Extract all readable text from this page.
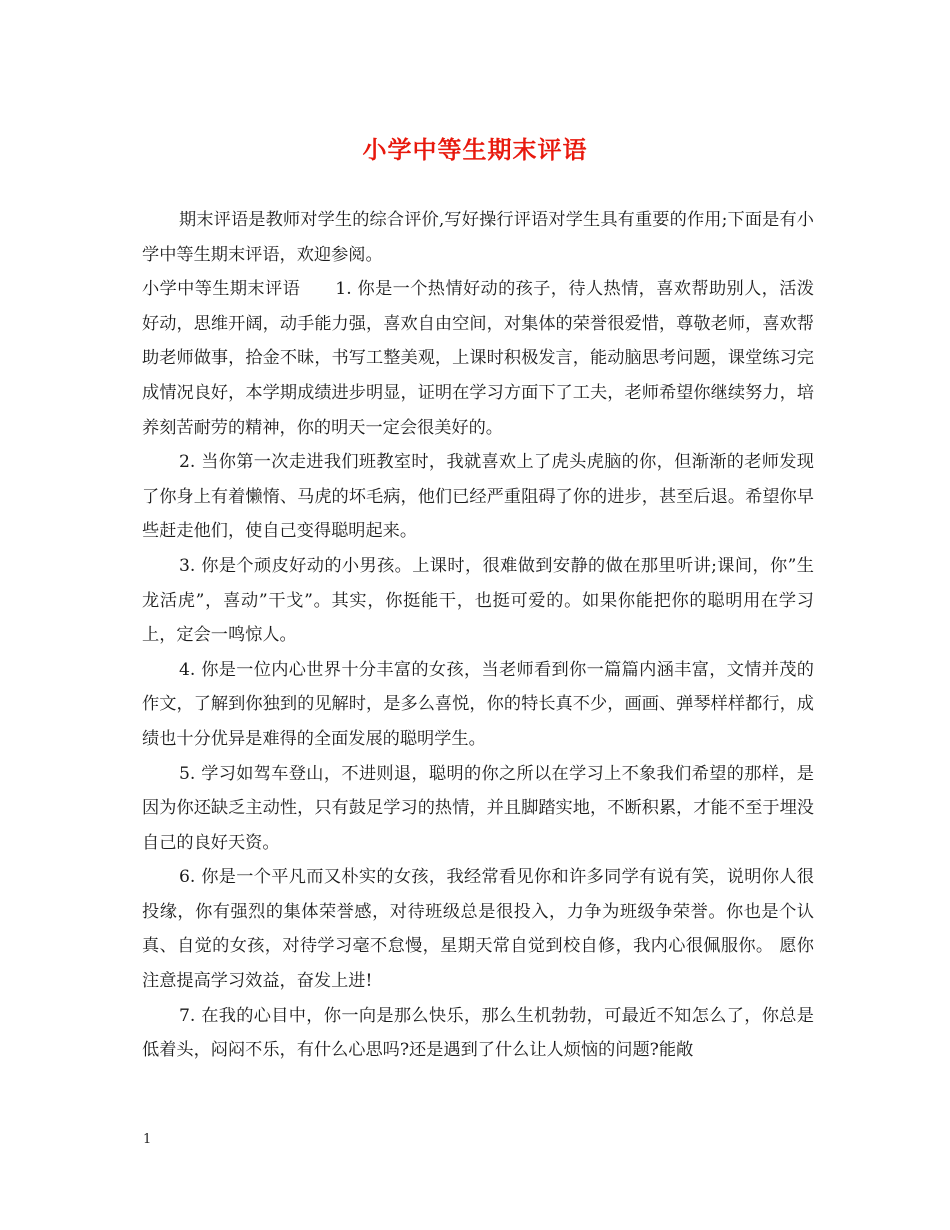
小学中等生期末评语

期末评语是教师对学生的综合评价,写好操行评语对学生具有重要的作用;下面是有小学中等生期末评语，欢迎参阅。

小学中等生期末评语　　1. 你是一个热情好动的孩子，待人热情，喜欢帮助别人，活泼好动，思维开阔，动手能力强，喜欢自由空间，对集体的荣誉很爱惜，尊敬老师，喜欢帮助老师做事，拾金不昧，书写工整美观，上课时积极发言，能动脑思考问题，课堂练习完成情况良好，本学期成绩进步明显，证明在学习方面下了工夫，老师希望你继续努力，培养刻苦耐劳的精神，你的明天一定会很美好的。

2. 当你第一次走进我们班教室时，我就喜欢上了虎头虎脑的你，但渐渐的老师发现了你身上有着懒惰、马虎的坏毛病，他们已经严重阻碍了你的进步，甚至后退。希望你早些赶走他们，使自己变得聪明起来。

3. 你是个顽皮好动的小男孩。上课时，很难做到安静的做在那里听讲;课间，你”生龙活虎”，喜动”干戈”。其实，你挺能干，也挺可爱的。如果你能把你的聪明用在学习上，定会一鸣惊人。

4. 你是一位内心世界十分丰富的女孩，当老师看到你一篇篇内涵丰富，文情并茂的作文，了解到你独到的见解时，是多么喜悦，你的特长真不少，画画、弹琴样样都行，成绩也十分优异是难得的全面发展的聪明学生。

5. 学习如驾车登山，不进则退，聪明的你之所以在学习上不象我们希望的那样，是因为你还缺乏主动性，只有鼓足学习的热情，并且脚踏实地，不断积累，才能不至于埋没自己的良好天资。

6. 你是一个平凡而又朴实的女孩，我经常看见你和许多同学有说有笑，说明你人很投缘，你有强烈的集体荣誉感，对待班级总是很投入，力争为班级争荣誉。你也是个认真、自觉的女孩，对待学习毫不怠慢，星期天常自觉到校自修，我内心很佩服你。 愿你注意提高学习效益，奋发上进!

7. 在我的心目中，你一向是那么快乐，那么生机勃勃，可最近不知怎么了，你总是低着头，闷闷不乐，有什么心思吗?还是遇到了什么让人烦恼的问题?能敞

1
